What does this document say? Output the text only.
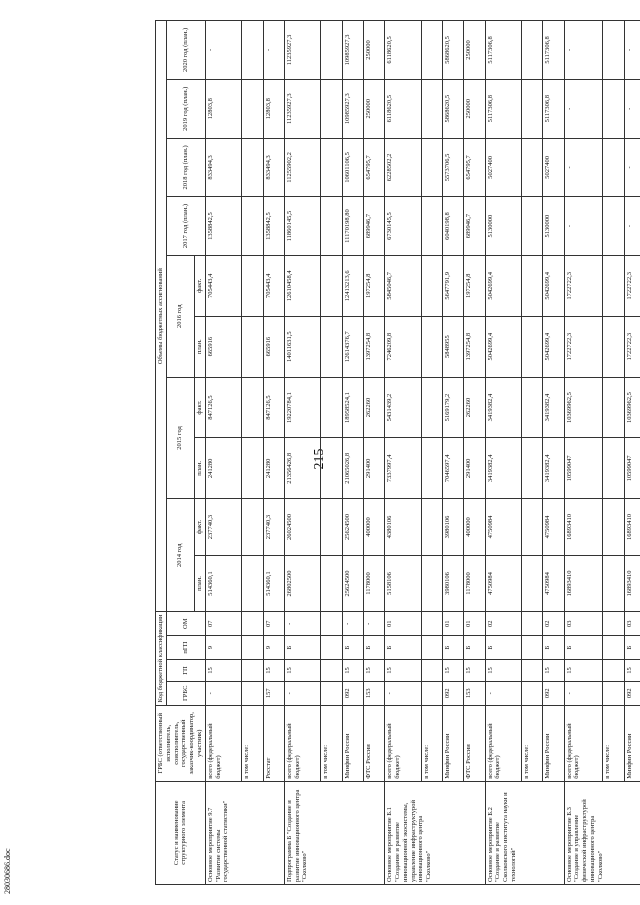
215
28030686.doc
Статус и наименование структурного элемента	ГРБС (ответственный исполнитель, соисполнитель, государственный заказчик-координатор, участник)	Код бюджетной классификации				Объемы бюджетных ассигнований									
		ГРБС	ГП	пГП	ОМ	2014 год		2015 год		2016 год		2017 год (план.)	2018 год (план.)	2019 год (план.)	2020 год (план.)
						план.	факт.	план.	факт.	план.	факт.				
Основное мероприятие 9.7 "Развитие системы государственной статистики"	всего (федеральный бюджет)	-	15	9	07	514360,1	237740,3	241280	847126,5	665916	705443,4	1358842,5	833494,3	12803,8	-
	в том числе:														
	Росстат	157	15	9	07	514360,1	237740,3	241280	847126,5	665916	705443,4	1358842,5	833494,3	12803,8	-
Подпрограмма Б "Создание и развитие инновационного центра "Сколково"	всего (федеральный бюджет)	-	15	Б	-	26802500	26024500	21356426,8	19220784,1	14011631,5	12610458,4	11860145,5	11255902,2	11235927,3	11235927,3
	в том числе:														
	Минфин России	092	15	Б	-	25624500	25624500	21065026,8	18958524,1	12614376,7	12413213,6	11170198,80	10601106,5	10985927,3	10985927,3
	ФТС России	153	15	Б	-	1178000	400000	291400	262260	1397254,8	197254,8	689946,7	654795,7	250000	250000
Основное мероприятие Б.1 "Создание и развитие инновационной экосистемы, управление инфраструктурой инновационного центра "Сколково"	всего (федеральный бюджет)	-	15	Б	01	5158106	4380106	7337997,4	5431439,2	7246209,8	5845046,7	6730145,5	6228502,2	6118620,5	6118620,5
	в том числе:														
	Минфин России	092	15	Б	01	3980106	3980106	7046597,4	5169179,2	5848955	5647791,9	6040198,8	5573706,5	5868620,5	5868620,5
	ФТС России	153	15	Б	01	1178000	400000	291400	262260	1397254,8	197254,8	689946,7	654795,7	250000	250000
Основное мероприятие Б.2 "Создание и развитие Сколковского института науки и технологий"	всего (федеральный бюджет)	-	15	Б	02	4750984	4750984	3419382,4	3419382,4	5042699,4	5042699,4	5130000	5027400	5117306,8	5117306,8
	в том числе:														
	Минфин России	092	15	Б	02	4750984	4750984	3419382,4	3419382,4	5042699,4	5042699,4	5130000	5027400	5117306,8	5117306,8
Основное мероприятие Б.3 "Создание и управление физической инфраструктурой инновационного центра "Сколково"	всего (федеральный бюджет)	-	15	Б	03	16893410	16893410	10599047	10369962,5	1722722,3	1722722,3	-	-	-	-
	в том числе:														
	Минфин России	092	15	Б	03	16893410	16893410	10599047	10369962,5	1722722,3	1722722,3	-	-	-	-
